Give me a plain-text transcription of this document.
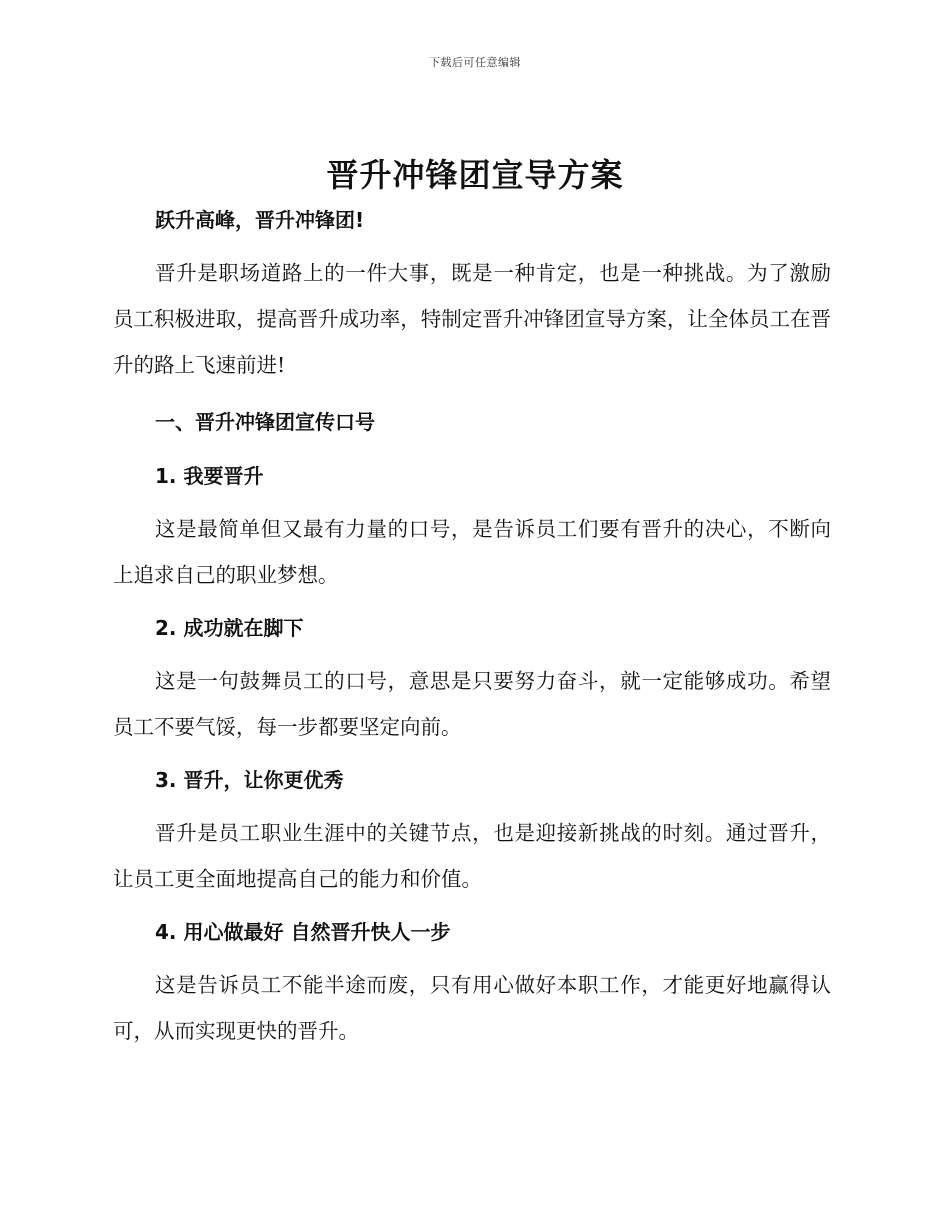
下载后可任意编辑
晋升冲锋团宣导方案

跃升高峰，晋升冲锋团!

晋升是职场道路上的一件大事，既是一种肯定，也是一种挑战。为了激励员工积极进取，提高晋升成功率，特制定晋升冲锋团宣导方案，让全体员工在晋升的路上飞速前进!

一、晋升冲锋团宣传口号

1. 我要晋升

这是最简单但又最有力量的口号，是告诉员工们要有晋升的决心，不断向上追求自己的职业梦想。

2. 成功就在脚下

这是一句鼓舞员工的口号，意思是只要努力奋斗，就一定能够成功。希望员工不要气馁，每一步都要坚定向前。

3. 晋升，让你更优秀

晋升是员工职业生涯中的关键节点，也是迎接新挑战的时刻。通过晋升，让员工更全面地提高自己的能力和价值。

4. 用心做最好 自然晋升快人一步

这是告诉员工不能半途而废，只有用心做好本职工作，才能更好地赢得认可，从而实现更快的晋升。
